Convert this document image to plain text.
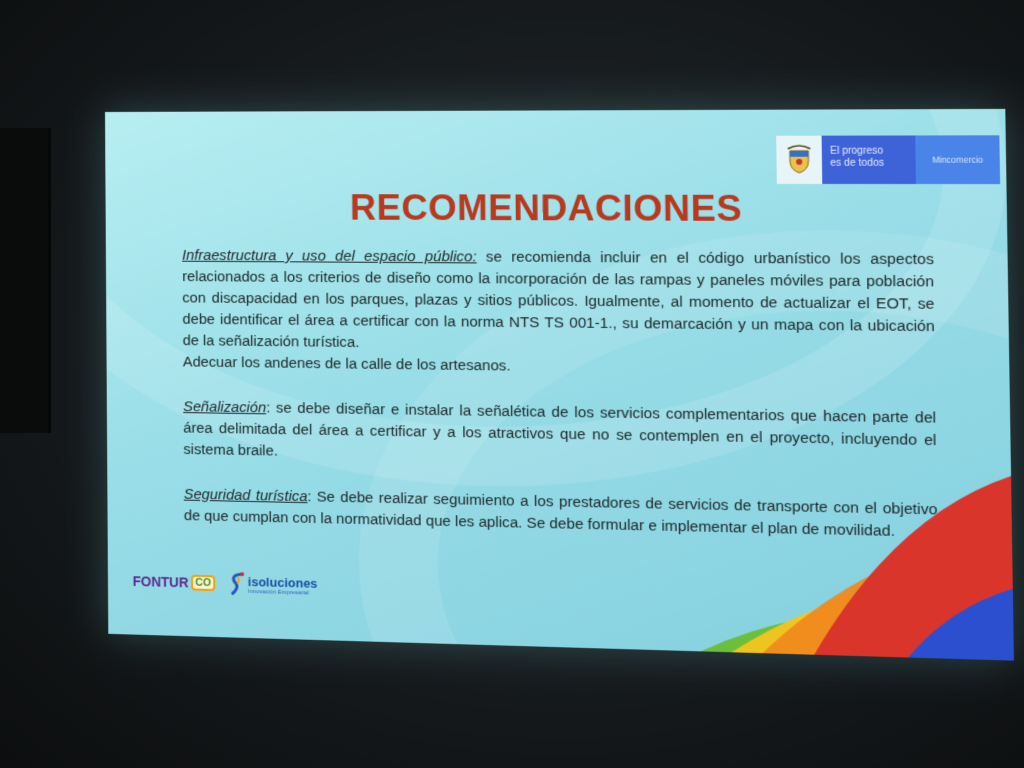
El progreso
es de todos	Mincomercio
RECOMENDACIONES

Infraestructura y uso del espacio público: se recomienda incluir en el código urbanístico los aspectos relacionados a los criterios de diseño como la incorporación de las rampas y paneles móviles para población con discapacidad en los parques, plazas y sitios públicos. Igualmente, al momento de actualizar el EOT, se debe identificar el área a certificar con la norma NTS TS 001-1., su demarcación y un mapa con la ubicación de la señalización turística.

Adecuar los andenes de la calle de los artesanos.

Señalización: se debe diseñar e instalar la señalética de los servicios complementarios que hacen parte del área delimitada del área a certificar y a los atractivos que no se contemplen en el proyecto, incluyendo el sistema braile.

Seguridad turística: Se debe realizar seguimiento a los prestadores de servicios de transporte con el objetivo de que cumplan con la normatividad que les aplica. Se debe formular e implementar el plan de movilidad.

FONTUR CO	isoluciones
Innovación Empresarial
